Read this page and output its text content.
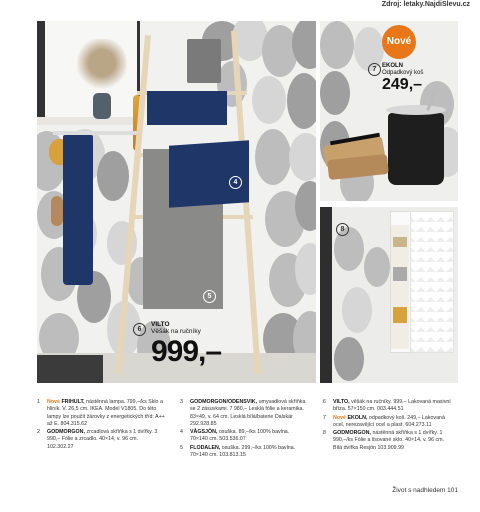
Zdroj: letaky.NajdiSlevu.cz
4
5
6
VILTO
Věšák na ručníky
999,–
Nové
7 EKOLN
Odpadkový koš
249,–
8
1 Nové FRIHULT, nástěnná lampa. 799,–/ks Sklo a hliník. V. 26,5 cm. IKEA. Model V1805. Do této lampy lze použít žárovky z energetických tříd: A++ až E. 804.315.62
2 GODMORGON, zrcadlová skříňka s 1 dvířky. 3 990,– Fólie a zrcadlo. 40×14, v. 96 cm. 102.302.27
3 GODMORGON/ODENSVIK, umyvadlová skříňka se 2 zásuvkami. 7 980,– Lesklá fólie a keramika. 83×49, v. 64 cm. Lesklá bílá/baterie Dalskär 292.928.85
4 VÅGSJÖN, osuška. 89,–/ks 100% bavlna. 70×140 cm. 503.536.07
5 FLODALEN, osuška. 299,–/ks 100% bavlna. 70×140 cm. 103.813.15
6 VILTO, věšák na ručníky. 999,– Lakovaná masivní bříza. 57×150 cm. 003.444.51
7 Nové EKOLN, odpadkový koš. 249,– Lakovaná ocel, nerezavějící ocel a plast. 604.273.11
8 GODMORGON, nástěnná skříňka s 1 dvířky. 1 990,–/ks Fólie a lisované sklo. 40×14, v. 96 cm. Bílá dvířka Resjön 103.909.99
Život s nadhledem 101
